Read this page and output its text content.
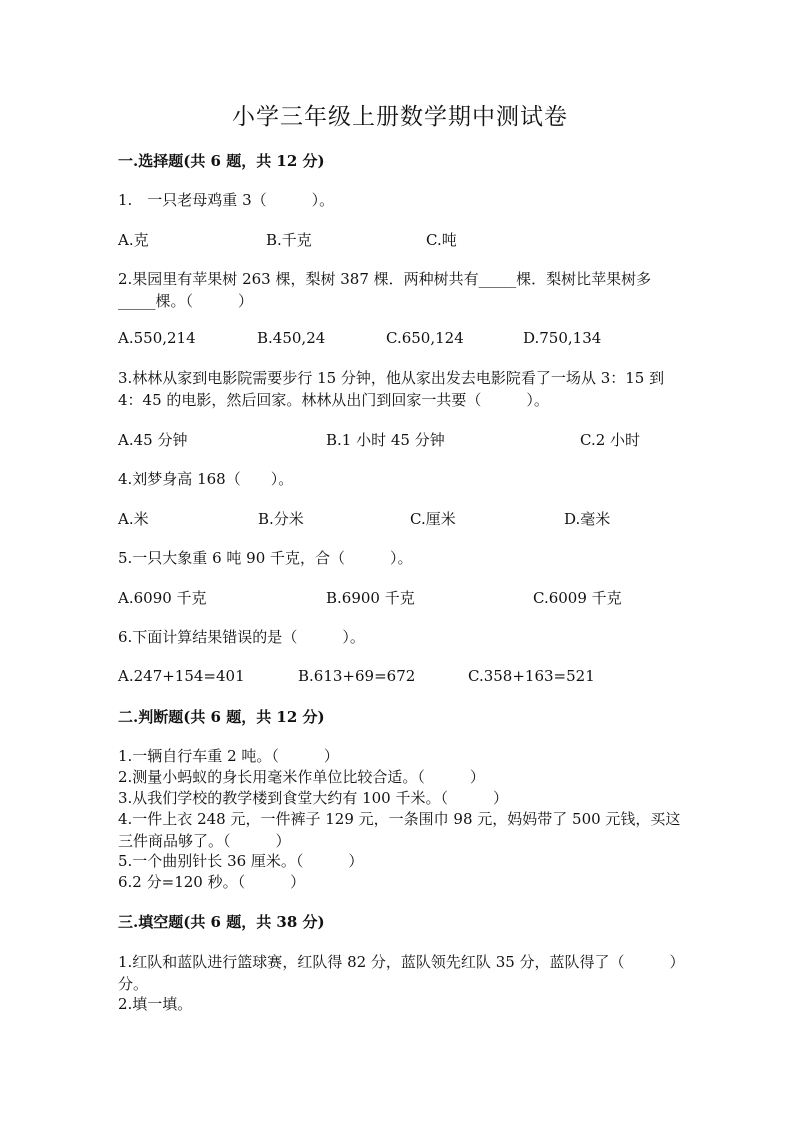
小学三年级上册数学期中测试卷
一.选择题(共 6 题，共 12 分)
1.　一只老母鸡重 3（　　　）。
A.克	B.千克	C.吨
2.果园里有苹果树 263 棵，梨树 387 棵．两种树共有_____棵．梨树比苹果树多_____棵。（　　　）
A.550,214	B.450,24	C.650,124	D.750,134
3.林林从家到电影院需要步行 15 分钟，他从家出发去电影院看了一场从 3：15 到 4：45 的电影，然后回家。林林从出门到回家一共要（　　　）。
A.45 分钟	B.1 小时 45 分钟	C.2 小时
4.刘梦身高 168（　　）。
A.米	B.分米	C.厘米	D.毫米
5.一只大象重 6 吨 90 千克，合（　　　）。
A.6090 千克	B.6900 千克	C.6009 千克
6.下面计算结果错误的是（　　　）。
A.247+154=401	B.613+69=672	C.358+163=521
二.判断题(共 6 题，共 12 分)
1.一辆自行车重 2 吨。（　　　）
2.测量小蚂蚁的身长用毫米作单位比较合适。（　　　）
3.从我们学校的教学楼到食堂大约有 100 千米。（　　　）
4.一件上衣 248 元，一件裤子 129 元，一条围巾 98 元，妈妈带了 500 元钱，买这三件商品够了。（　　　）
5.一个曲别针长 36 厘米。（　　　）
6.2 分=120 秒。（　　　）
三.填空题(共 6 题，共 38 分)
1.红队和蓝队进行篮球赛，红队得 82 分，蓝队领先红队 35 分，蓝队得了（　　　）分。
2.填一填。
